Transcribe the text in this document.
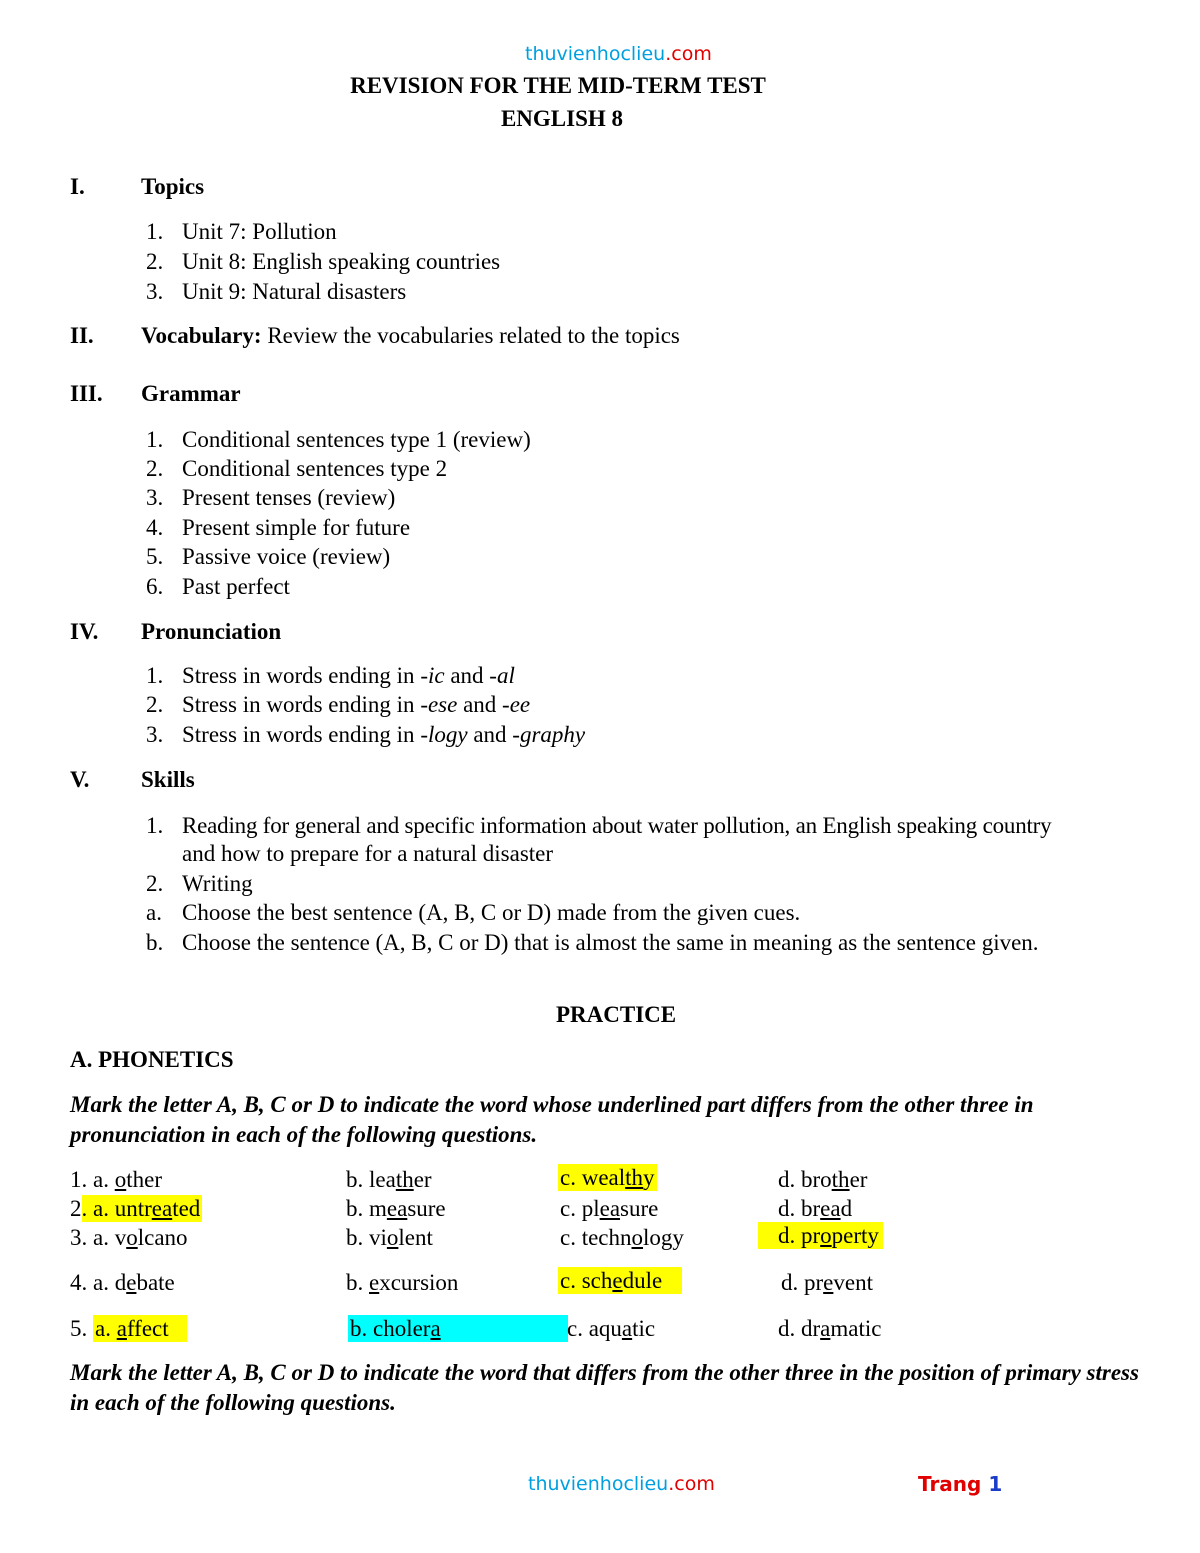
thuvienhoclieu.com
REVISION FOR THE MID-TERM TEST
ENGLISH 8
I. Topics
1. Unit 7: Pollution
2. Unit 8: English speaking countries
3. Unit 9: Natural disasters
II. Vocabulary: Review the vocabularies related to the topics
III. Grammar
1. Conditional sentences type 1 (review)
2. Conditional sentences type 2
3. Present tenses (review)
4. Present simple for future
5. Passive voice (review)
6. Past perfect
IV. Pronunciation
1. Stress in words ending in -ic and -al
2. Stress in words ending in -ese and -ee
3. Stress in words ending in -logy and -graphy
V. Skills
1. Reading for general and specific information about water pollution, an English speaking country
and how to prepare for a natural disaster
2. Writing
a. Choose the best sentence (A, B, C or D) made from the given cues.
b. Choose the sentence (A, B, C or D) that is almost the same in meaning as the sentence given.
PRACTICE
A. PHONETICS
Mark the letter A, B, C or D to indicate the word whose underlined part differs from the other three in pronunciation in each of the following questions.
1. a. other	b. leather	c. wealthy	d. brother
2. a. untreated	b. measure	c. pleasure	d. bread
3. a. volcano	b. violent	c. technology	d. property
4. a. debate	b. excursion	c. schedule	d. prevent
5. a. affect	b. cholera	c. aquatic	d. dramatic
Mark the letter A, B, C or D to indicate the word that differs from the other three in the position of primary stress in each of the following questions.
thuvienhoclieu.com	Trang 1
